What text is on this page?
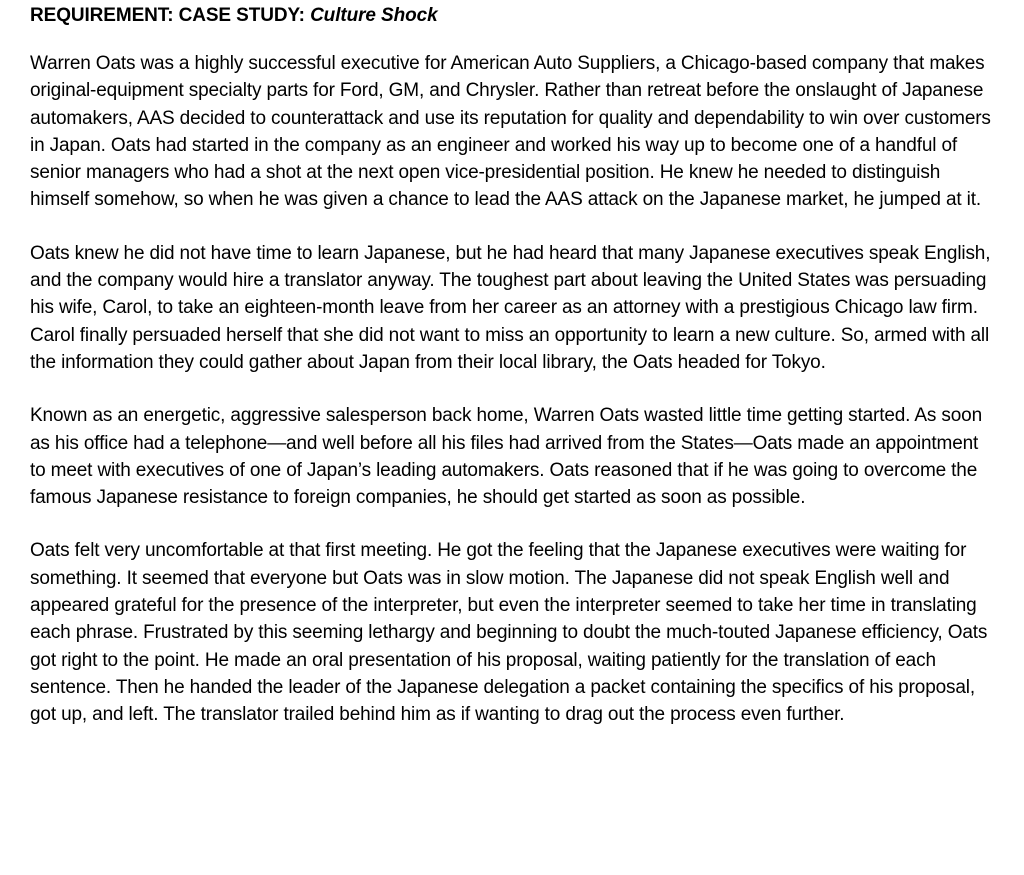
REQUIREMENT: CASE STUDY: Culture Shock

Warren Oats was a highly successful executive for American Auto Suppliers, a Chicago-based company that makes original-equipment specialty parts for Ford, GM, and Chrysler. Rather than retreat before the onslaught of Japanese automakers, AAS decided to counterattack and use its reputation for quality and dependability to win over customers in Japan. Oats had started in the company as an engineer and worked his way up to become one of a handful of senior managers who had a shot at the next open vice-presidential position. He knew he needed to distinguish himself somehow, so when he was given a chance to lead the AAS attack on the Japanese market, he jumped at it.

Oats knew he did not have time to learn Japanese, but he had heard that many Japanese executives speak English, and the company would hire a translator anyway. The toughest part about leaving the United States was persuading his wife, Carol, to take an eighteen-month leave from her career as an attorney with a prestigious Chicago law firm. Carol finally persuaded herself that she did not want to miss an opportunity to learn a new culture. So, armed with all the information they could gather about Japan from their local library, the Oats headed for Tokyo.

Known as an energetic, aggressive salesperson back home, Warren Oats wasted little time getting started. As soon as his office had a telephone—and well before all his files had arrived from the States—Oats made an appointment to meet with executives of one of Japan’s leading automakers. Oats reasoned that if he was going to overcome the famous Japanese resistance to foreign companies, he should get started as soon as possible.

Oats felt very uncomfortable at that first meeting. He got the feeling that the Japanese executives were waiting for something. It seemed that everyone but Oats was in slow motion. The Japanese did not speak English well and appeared grateful for the presence of the interpreter, but even the interpreter seemed to take her time in translating each phrase. Frustrated by this seeming lethargy and beginning to doubt the much-touted Japanese efficiency, Oats got right to the point. He made an oral presentation of his proposal, waiting patiently for the translation of each sentence. Then he handed the leader of the Japanese delegation a packet containing the specifics of his proposal, got up, and left. The translator trailed behind him as if wanting to drag out the process even further.
